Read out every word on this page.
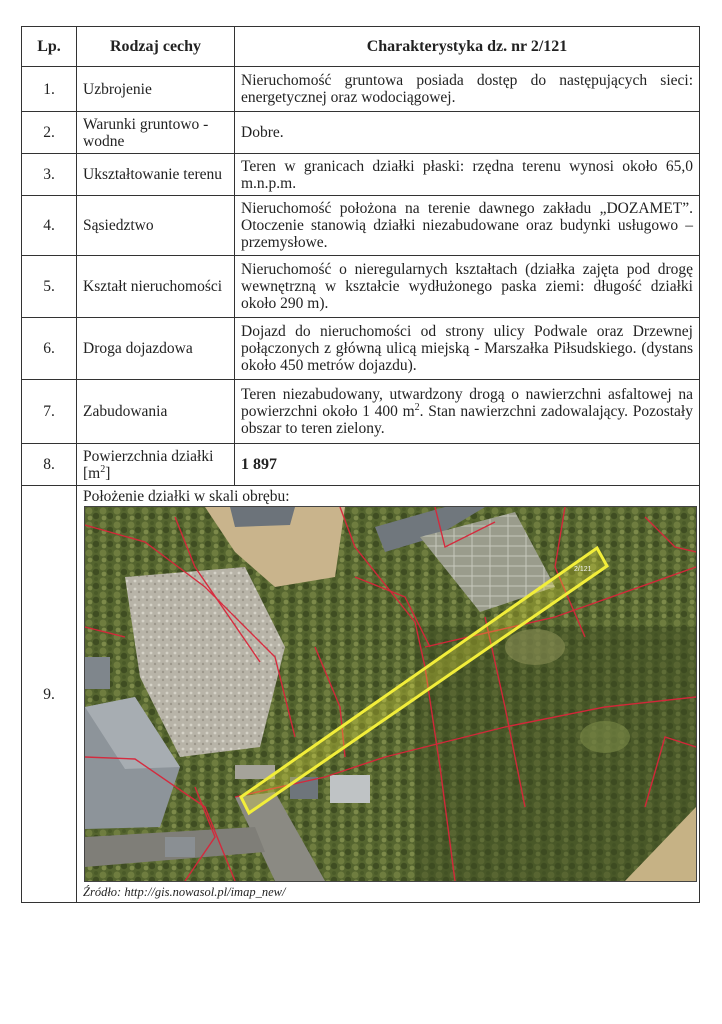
Lp.	Rodzaj cechy	Charakterystyka dz. nr 2/121
1.	Uzbrojenie	Nieruchomość gruntowa posiada dostęp do następujących sieci: energetycznej oraz wodociągowej.
2.	Warunki gruntowo - wodne	Dobre.
3.	Ukształtowanie terenu	Teren w granicach działki płaski: rzędna terenu wynosi około 65,0 m.n.p.m.
4.	Sąsiedztwo	Nieruchomość położona na terenie dawnego zakładu „DOZAMET”. Otoczenie stanowią działki niezabudowane oraz budynki usługowo – przemysłowe.
5.	Kształt nieruchomości	Nieruchomość o nieregularnych kształtach (działka zajęta pod drogę wewnętrzną w kształcie wydłużonego paska ziemi: długość działki około 290 m).
6.	Droga dojazdowa	Dojazd do nieruchomości od strony ulicy Podwale oraz Drzewnej połączonych z główną ulicą miejską - Marszałka Piłsudskiego. (dystans około 450 metrów dojazdu).
7.	Zabudowania	Teren niezabudowany, utwardzony drogą o nawierzchni asfaltowej na powierzchni około 1 400 $m^2$. Stan nawierzchni zadowalający. Pozostały obszar to teren zielony.
8.	Powierzchnia działki $[m^2]$	1 897
9.	Położenie działki w skali obrębu:
2/121
Źródło: http://gis.nowasol.pl/imap_new/	
